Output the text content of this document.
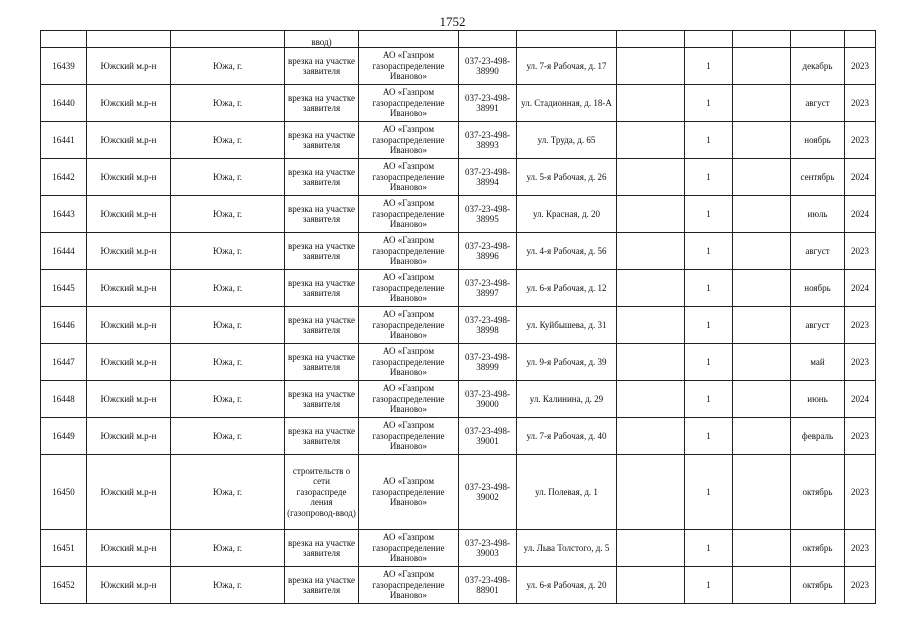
1752
			ввод)								
16439	Южский м.р-н	Южа, г.	врезка на участке заявителя	АО «Газпром газораспределение Иваново»	037-23-498-38990	ул. 7-я Рабочая, д. 17		1		декабрь	2023
16440	Южский м.р-н	Южа, г.	врезка на участке заявителя	АО «Газпром газораспределение Иваново»	037-23-498-38991	ул. Стадионная, д. 18-А		1		август	2023
16441	Южский м.р-н	Южа, г.	врезка на участке заявителя	АО «Газпром газораспределение Иваново»	037-23-498-38993	ул. Труда, д. 65		1		ноябрь	2023
16442	Южский м.р-н	Южа, г.	врезка на участке заявителя	АО «Газпром газораспределение Иваново»	037-23-498-38994	ул. 5-я Рабочая, д. 26		1		сентябрь	2024
16443	Южский м.р-н	Южа, г.	врезка на участке заявителя	АО «Газпром газораспределение Иваново»	037-23-498-38995	ул. Красная, д. 20		1		июль	2024
16444	Южский м.р-н	Южа, г.	врезка на участке заявителя	АО «Газпром газораспределение Иваново»	037-23-498-38996	ул. 4-я Рабочая, д. 56		1		август	2023
16445	Южский м.р-н	Южа, г.	врезка на участке заявителя	АО «Газпром газораспределение Иваново»	037-23-498-38997	ул. 6-я Рабочая, д. 12		1		ноябрь	2024
16446	Южский м.р-н	Южа, г.	врезка на участке заявителя	АО «Газпром газораспределение Иваново»	037-23-498-38998	ул. Куйбышева, д. 31		1		август	2023
16447	Южский м.р-н	Южа, г.	врезка на участке заявителя	АО «Газпром газораспределение Иваново»	037-23-498-38999	ул. 9-я Рабочая, д. 39		1		май	2023
16448	Южский м.р-н	Южа, г.	врезка на участке заявителя	АО «Газпром газораспределение Иваново»	037-23-498-39000	ул. Калинина, д. 29		1		июнь	2024
16449	Южский м.р-н	Южа, г.	врезка на участке заявителя	АО «Газпром газораспределение Иваново»	037-23-498-39001	ул. 7-я Рабочая, д. 40		1		февраль	2023
16450	Южский м.р-н	Южа, г.	строительств о сети газораспреде ления (газопровод-ввод)	АО «Газпром газораспределение Иваново»	037-23-498-39002	ул. Полевая, д. 1		1		октябрь	2023
16451	Южский м.р-н	Южа, г.	врезка на участке заявителя	АО «Газпром газораспределение Иваново»	037-23-498-39003	ул. Льва Толстого, д. 5		1		октябрь	2023
16452	Южский м.р-н	Южа, г.	врезка на участке заявителя	АО «Газпром газораспределение Иваново»	037-23-498-88901	ул. 6-я Рабочая, д. 20		1		октябрь	2023
